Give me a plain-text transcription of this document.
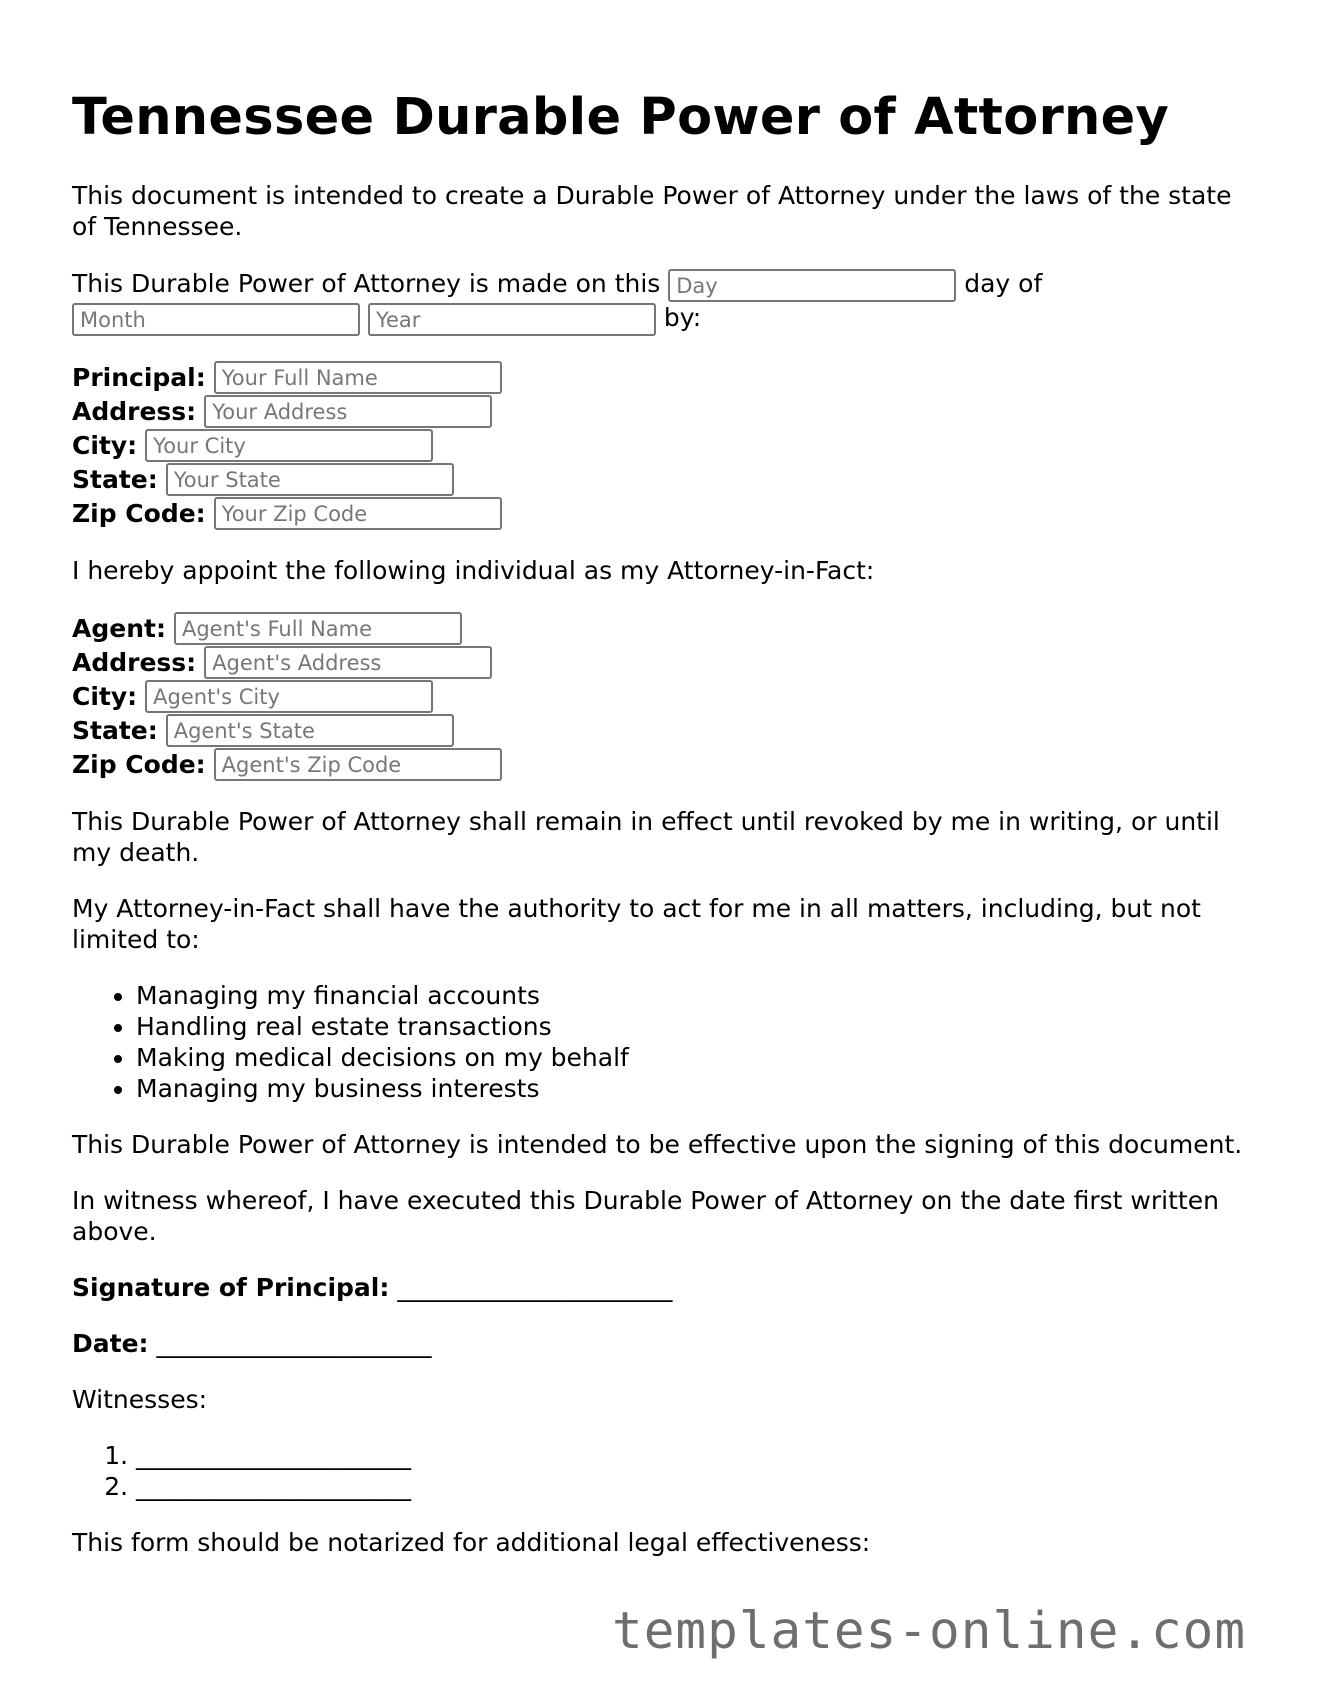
Tennessee Durable Power of Attorney

This document is intended to create a Durable Power of Attorney under the laws of the state of Tennessee.

This Durable Power of Attorney is made on this Day	day of
Month	Year	by:
Principal: Your Full Name
Address: Your Address
City: Your City
State: Your State
Zip Code: Your Zip Code

I hereby appoint the following individual as my Attorney-in-Fact:

Agent: Agent's Full Name
Address: Agent's Address
City: Agent's City
State: Agent's State
Zip Code: Agent's Zip Code

This Durable Power of Attorney shall remain in effect until revoked by me in writing, or until my death.

My Attorney-in-Fact shall have the authority to act for me in all matters, including, but not limited to:

• Managing my financial accounts
• Handling real estate transactions
• Making medical decisions on my behalf
• Managing my business interests

This Durable Power of Attorney is intended to be effective upon the signing of this document.

In witness whereof, I have executed this Durable Power of Attorney on the date first written above.

Signature of Principal: ______________________

Date: ______________________

Witnesses:

1. ______________________
2. ______________________

This form should be notarized for additional legal effectiveness:

templates-online.com
